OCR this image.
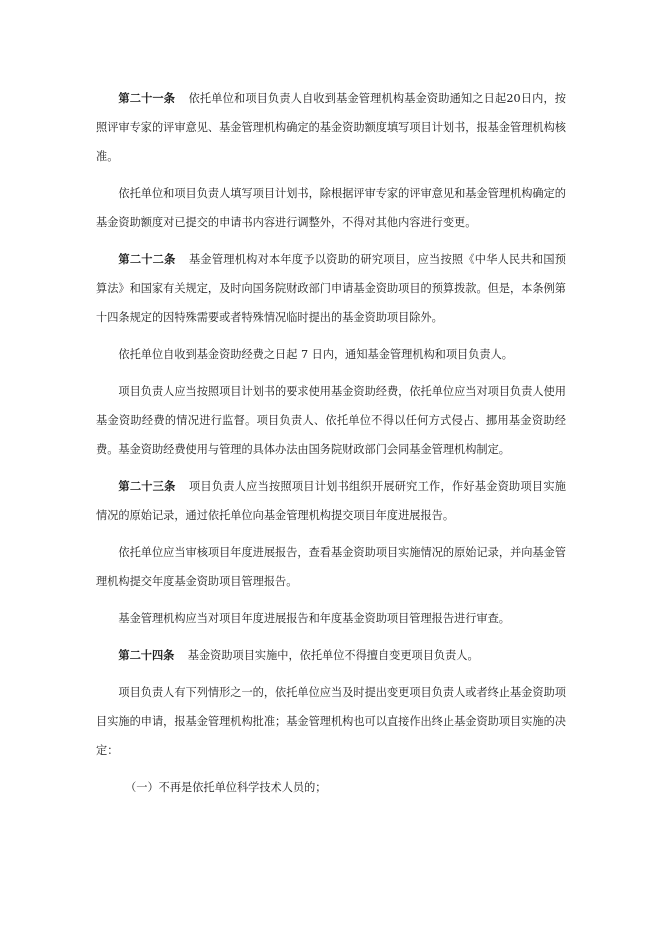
第二十一条 依托单位和项目负责人自收到基金管理机构基金资助通知之日起20日内，按照评审专家的评审意见、基金管理机构确定的基金资助额度填写项目计划书，报基金管理机构核准。

依托单位和项目负责人填写项目计划书，除根据评审专家的评审意见和基金管理机构确定的基金资助额度对已提交的申请书内容进行调整外，不得对其他内容进行变更。

第二十二条 基金管理机构对本年度予以资助的研究项目，应当按照《中华人民共和国预算法》和国家有关规定，及时向国务院财政部门申请基金资助项目的预算拨款。但是，本条例第十四条规定的因特殊需要或者特殊情况临时提出的基金资助项目除外。

依托单位自收到基金资助经费之日起 7 日内，通知基金管理机构和项目负责人。

项目负责人应当按照项目计划书的要求使用基金资助经费，依托单位应当对项目负责人使用基金资助经费的情况进行监督。项目负责人、依托单位不得以任何方式侵占、挪用基金资助经费。基金资助经费使用与管理的具体办法由国务院财政部门会同基金管理机构制定。

第二十三条 项目负责人应当按照项目计划书组织开展研究工作，作好基金资助项目实施情况的原始记录，通过依托单位向基金管理机构提交项目年度进展报告。

依托单位应当审核项目年度进展报告，查看基金资助项目实施情况的原始记录，并向基金管理机构提交年度基金资助项目管理报告。

基金管理机构应当对项目年度进展报告和年度基金资助项目管理报告进行审查。

第二十四条 基金资助项目实施中，依托单位不得擅自变更项目负责人。

项目负责人有下列情形之一的，依托单位应当及时提出变更项目负责人或者终止基金资助项目实施的申请，报基金管理机构批准；基金管理机构也可以直接作出终止基金资助项目实施的决定：

（一）不再是依托单位科学技术人员的；
